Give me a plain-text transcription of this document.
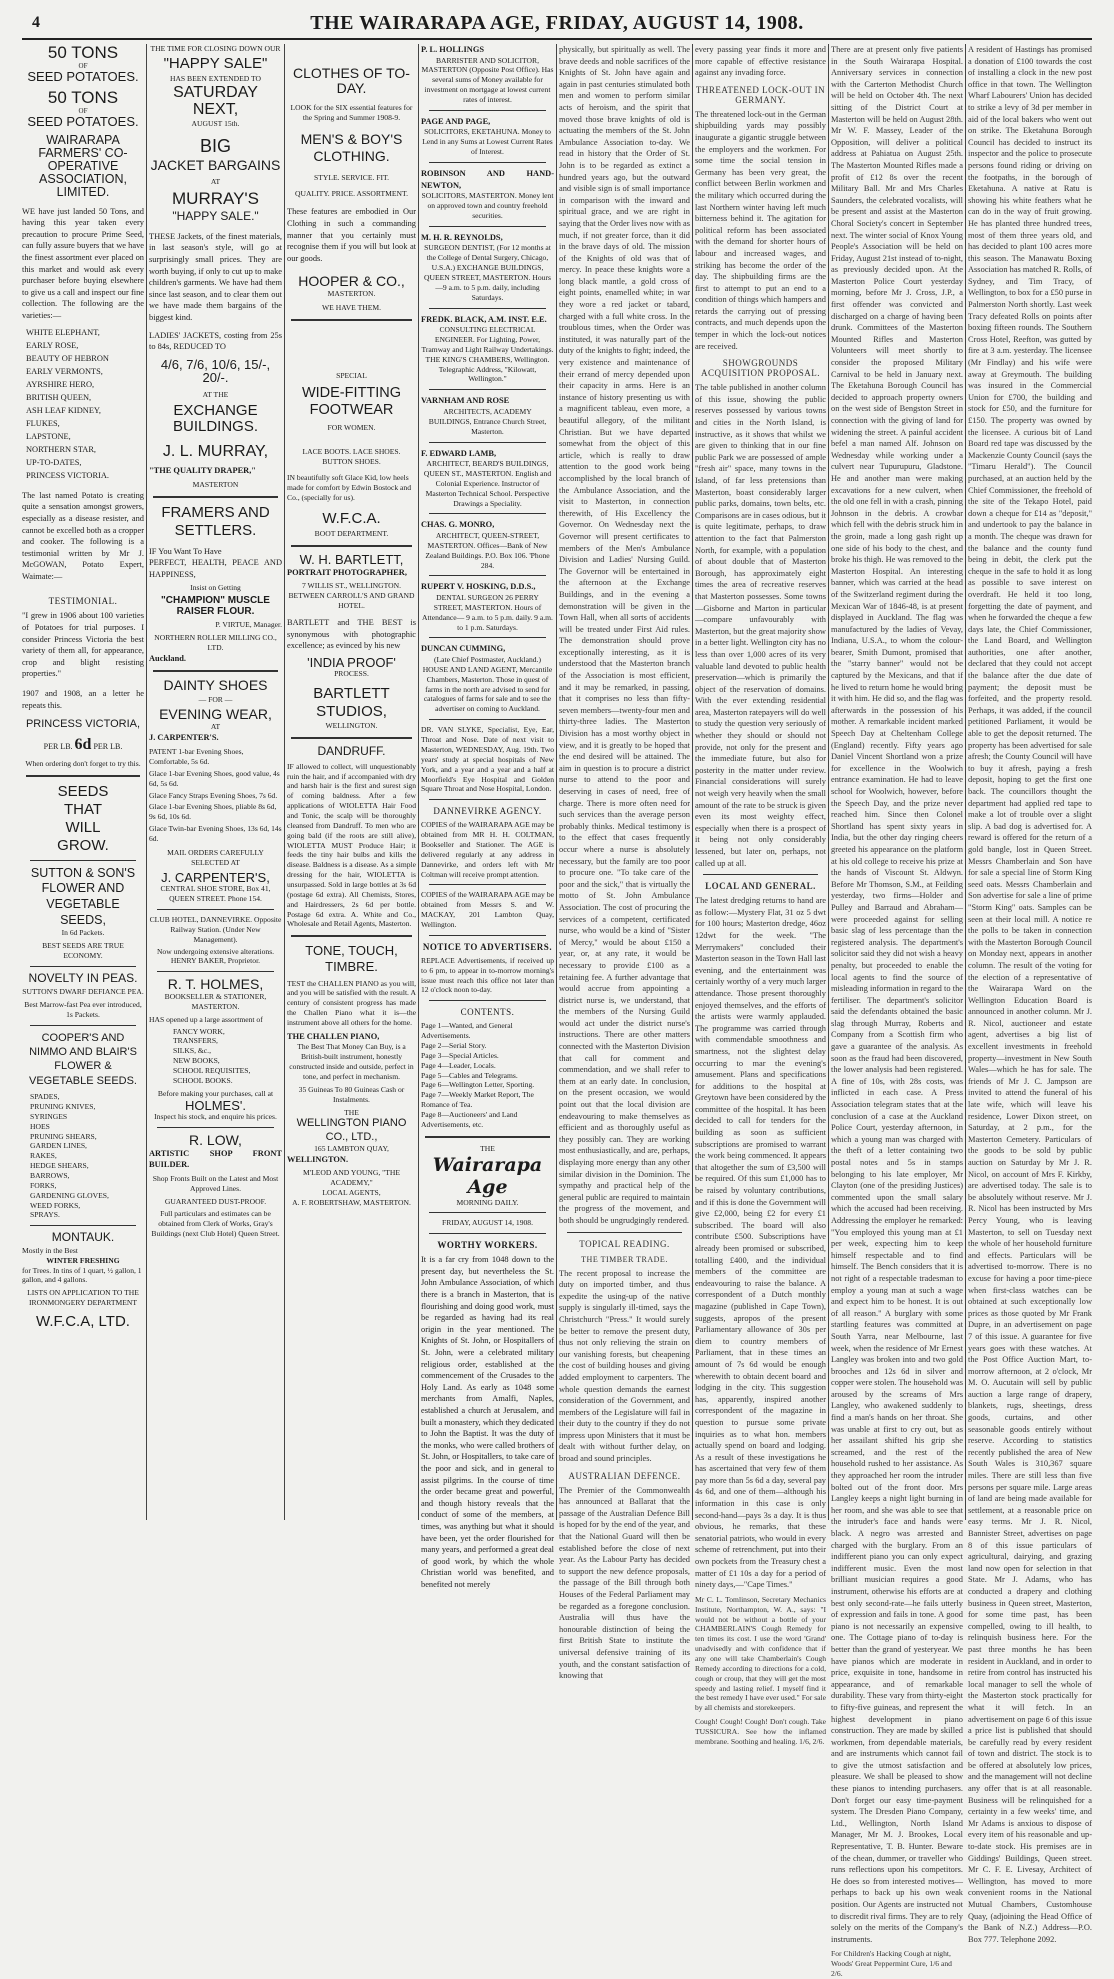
4	THE WAIRARAPA AGE, FRIDAY, AUGUST 14, 1908.

50 TONS

OF

SEED POTATOES.

50 TONS

OF

SEED POTATOES.

WAIRARAPA FARMERS' CO-OPERATIVE ASSOCIATION, LIMITED.

WE have just landed 50 Tons, and having this year taken every precaution to procure Prime Seed, can fully assure buyers that we have the finest assortment ever placed on this market and would ask every purchaser before buying elsewhere to give us a call and inspect our fine collection. The following are the varieties:—

WHITE ELEPHANT,

EARLY ROSE,

BEAUTY OF HEBRON

EARLY VERMONTS,

AYRSHIRE HERO,

BRITISH QUEEN,

ASH LEAF KIDNEY,

FLUKES,

LAPSTONE,

NORTHERN STAR,

UP-TO-DATES,

PRINCESS VICTORIA.

The last named Potato is creating quite a sensation amongst growers, especially as a disease resister, and cannot be excelled both as a cropper and cooker. The following is a testimonial written by Mr J. McGOWAN, Potato Expert, Waimate:—

TESTIMONIAL.

"I grew in 1906 about 100 varieties of Potatoes for trial purposes. I consider Princess Victoria the best variety of them all, for appearance, crop and blight resisting properties."

1907 and 1908, an a letter he repeats this.

PRINCESS VICTORIA,

PER LB. 6d PER LB.

When ordering don't forget to try this.

SEEDS

THAT

WILL

GROW.

SUTTON & SON'S FLOWER AND VEGETABLE SEEDS,

In 6d Packets.

BEST SEEDS ARE TRUE ECONOMY.

NOVELTY IN PEAS.

SUTTON'S DWARF DEFIANCE PEA.

Best Marrow-fast Pea ever introduced, 1s Packets.

COOPER'S AND NIMMO AND BLAIR'S FLOWER & VEGETABLE SEEDS.

SPADES,

PRUNING KNIVES,

SYRINGES

HOES

PRUNING SHEARS,

GARDEN LINES,

RAKES,

HEDGE SHEARS,

BARROWS,

FORKS,

GARDENING GLOVES,

WEED FORKS,

SPRAYS.

MONTAUK.

Mostly in the Best

WINTER FRESHING

for Trees. In tins of 1 quart, ½ gallon, 1 gallon, and 4 gallons.

LISTS ON APPLICATION TO THE IRONMONGERY DEPARTMENT

W.F.C.A, LTD.

THE TIME FOR CLOSING DOWN OUR

"HAPPY SALE"

HAS BEEN EXTENDED TO

SATURDAY NEXT,

AUGUST 15th.

BIG

JACKET BARGAINS

AT

MURRAY'S

"HAPPY SALE."

THESE Jackets, of the finest materials, in last season's style, will go at surprisingly small prices. They are worth buying, if only to cut up to make children's garments. We have had them since last season, and to clear them out we have made them bargains of the biggest kind.

LADIES' JACKETS, costing from 25s to 84s, REDUCED TO

4/6, 7/6, 10/6, 15/-, 20/-.

AT THE

EXCHANGE BUILDINGS.

J. L. MURRAY,

"THE QUALITY DRAPER,"

MASTERTON

FRAMERS AND SETTLERS.

IF You Want To Have

PERFECT, HEALTH, PEACE AND HAPPINESS,

Insist on Getting

"CHAMPION" MUSCLE RAISER FLOUR.

P. VIRTUE, Manager.

NORTHERN ROLLER MILLING CO., LTD.

Auckland.

DAINTY SHOES

— FOR —

EVENING WEAR,

AT

J. CARPENTER'S.

PATENT 1-bar Evening Shoes, Comfortable, 5s 6d.

Glace 1-bar Evening Shoes, good value, 4s 6d, 5s 6d.

Glace Fancy Straps Evening Shoes, 7s 6d.

Glace 1-bar Evening Shoes, pliable 8s 6d, 9s 6d, 10s 6d.

Glace Twin-bar Evening Shoes, 13s 6d, 14s 6d.

MAIL ORDERS CAREFULLY SELECTED AT

J. CARPENTER'S,

CENTRAL SHOE STORE, Box 41, QUEEN STREET. Phone 154.

CLUB HOTEL, DANNEVIRKE. Opposite Railway Station. (Under New Management).

Now undergoing extensive alterations. HENRY BAKER, Proprietor.

R. T. HOLMES,

BOOKSELLER & STATIONER, MASTERTON.

HAS opened up a large assortment of

FANCY WORK,

TRANSFERS,

SILKS, &c.,

NEW BOOKS,

SCHOOL REQUISITES,

SCHOOL BOOKS.

Before making your purchases, call at

HOLMES'.

Inspect his stock, and enquire his prices.

R. LOW,

ARTISTIC SHOP FRONT BUILDER.

Shop Fronts Built on the Latest and Most Approved Lines.

GUARANTEED DUST-PROOF.

Full particulars and estimates can be obtained from Clerk of Works, Gray's Buildings (next Club Hotel) Queen Street.

CLOTHES OF TO-DAY.

LOOK for the SIX essential features for the Spring and Summer 1908-9.

MEN'S & BOY'S CLOTHING.

STYLE. SERVICE. FIT.

QUALITY. PRICE. ASSORTMENT.

These features are embodied in Our Clothing in such a commanding manner that you certainly must recognise them if you will but look at our goods.

HOOPER & CO.,

MASTERTON.

WE HAVE THEM.

SPECIAL

WIDE-FITTING FOOTWEAR

FOR WOMEN.

LACE BOOTS. LACE SHOES. BUTTON SHOES.

IN beautifully soft Glace Kid, low heels made for comfort by Edwin Bostock and Co., (specially for us).

W.F.C.A.

BOOT DEPARTMENT.

W. H. BARTLETT,

PORTRAIT PHOTOGRAPHER,

7 WILLIS ST., WELLINGTON.

BETWEEN CARROLL'S AND GRAND HOTEL.

BARTLETT and THE BEST is synonymous with photographic excellence; as evinced by his new

'INDIA PROOF'

PROCESS.

BARTLETT STUDIOS,

WELLINGTON.

DANDRUFF.

IF allowed to collect, will unquestionably ruin the hair, and if accompanied with dry and harsh hair is the first and surest sign of coming baldness. After a few applications of WIOLETTA Hair Food and Tonic, the scalp will be thoroughly cleansed from Dandruff. To men who are going bald (if the roots are still alive), WIOLETTA MUST Produce Hair; it feeds the tiny hair bulbs and kills the disease. Baldness is a disease. As a simple dressing for the hair, WIOLETTA is unsurpassed. Sold in large bottles at 3s 6d (postage 6d extra). All Chemists, Stores, and Hairdressers, 2s 6d per bottle. Postage 6d extra. A. White and Co., Wholesale and Retail Agents, Masterton.

TONE, TOUCH, TIMBRE.

TEST the CHALLEN PIANO as you will, and you will be satisfied with the result. A century of consistent progress has made the Challen Piano what it is—the instrument above all others for the home.

THE CHALLEN PIANO,

The Best That Money Can Buy, is a British-built instrument, honestly constructed inside and outside, perfect in tone, and perfect in mechanism.

35 Guineas To 80 Guineas Cash or Instalments.

THE

WELLINGTON PIANO CO., LTD.,

165 LAMBTON QUAY,

WELLINGTON.

M'LEOD AND YOUNG, "THE ACADEMY,"

LOCAL AGENTS,

A. F. ROBERTSHAW, MASTERTON.

P. L. HOLLINGS

BARRISTER AND SOLICITOR, MASTERTON (Opposite Post Office). Has several sums of Money available for investment on mortgage at lowest current rates of interest.

PAGE AND PAGE,

SOLICITORS, EKETAHUNA. Money to Lend in any Sums at Lowest Current Rates of Interest.

ROBINSON AND HAND-NEWTON,

SOLICITORS, MASTERTON. Money lent on approved town and country freehold securities.

M. H. R. REYNOLDS,

SURGEON DENTIST, (For 12 months at the College of Dental Surgery, Chicago, U.S.A.) EXCHANGE BUILDINGS, QUEEN STREET, MASTERTON. Hours—9 a.m. to 5 p.m. daily, including Saturdays.

FREDK. BLACK, A.M. INST. E.E.

CONSULTING ELECTRICAL ENGINEER. For Lighting, Power, Tramway and Light Railway Undertakings. THE KING'S CHAMBERS, Wellington. Telegraphic Address, "Kilowatt, Wellington."

VARNHAM AND ROSE

ARCHITECTS, ACADEMY BUILDINGS, Entrance Church Street, Masterton.

F. EDWARD LAMB,

ARCHITECT, BEARD'S BUILDINGS, QUEEN ST., MASTERTON. English and Colonial Experience. Instructor of Masterton Technical School. Perspective Drawings a Speciality.

CHAS. G. MONRO,

ARCHITECT, QUEEN-STREET, MASTERTON. Offices—Bank of New Zealand Buildings. P.O. Box 106. 'Phone 284.

RUPERT V. HOSKING, D.D.S.,

DENTAL SURGEON 26 PERRY STREET, MASTERTON. Hours of Attendance— 9 a.m. to 5 p.m. daily. 9 a.m. to 1 p.m. Saturdays.

DUNCAN CUMMING,

(Late Chief Postmaster, Auckland.) HOUSE AND LAND AGENT, Mercantile Chambers, Masterton. Those in quest of farms in the north are advised to send for catalogues of farms for sale and to see the advertiser on coming to Auckland.

DR. VAN SLYKE, Specialist, Eye, Ear, Throat and Nose. Date of next visit to Masterton, WEDNESDAY, Aug. 19th. Two years' study at special hospitals of New York, and a year and a year and a half at Moorfield's Eye Hospital and Golden Square Throat and Nose Hospital, London.

DANNEVIRKE AGENCY.

COPIES of the WAIRARAPA AGE may be obtained from MR H. H. COLTMAN, Bookseller and Stationer. The AGE is delivered regularly at any address in Dannevirke, and orders left with Mr Coltman will receive prompt attention.

COPIES of the WAIRARAPA AGE may be obtained from Messrs S. and W. MACKAY, 201 Lambton Quay, Wellington.

NOTICE TO ADVERTISERS.

REPLACE Advertisements, if received up to 6 pm, to appear in to-morrow morning's issue must reach this office not later than 12 o'clock noon to-day.

CONTENTS.

Page 1—Wanted, and General Advertisements.

Page 2—Serial Story.

Page 3—Special Articles.

Page 4—Leader, Locals.

Page 5—Cables and Telegrams.

Page 6—Wellington Letter, Sporting.

Page 7—Weekly Market Report, The Romance of Tea.

Page 8—Auctioneers' and Land Advertisements, etc.

THE

Wairarapa Age

MORNING DAILY.

FRIDAY, AUGUST 14, 1908.

WORTHY WORKERS.

It is a far cry from 1048 down to the present day, but nevertheless the St. John Ambulance Association, of which there is a branch in Masterton, that is flourishing and doing good work, must be regarded as having had its real origin in the year mentioned. The Knights of St. John, or Hospitallers of St. John, were a celebrated military religious order, established at the commencement of the Crusades to the Holy Land. As early as 1048 some merchants from Amalfi, Naples, established a church at Jerusalem, and built a monastery, which they dedicated to John the Baptist. It was the duty of the monks, who were called brothers of St. John, or Hospitallers, to take care of the poor and sick, and in general to assist pilgrims. In the course of time the order became great and powerful, and though history reveals that the conduct of some of the members, at times, was anything but what it should have been, yet the order flourished for many years, and performed a great deal of good work, by which the whole Christian world was benefited, and benefited not merely

physically, but spiritually as well. The brave deeds and noble sacrifices of the Knights of St. John have again and again in past centuries stimulated both men and women to perform similar acts of heroism, and the spirit that moved those brave knights of old is actuating the members of the St. John Ambulance Association to-day. We read in history that the Order of St. John is to be regarded as extinct a hundred years ago, but the outward and visible sign is of small importance in comparison with the inward and spiritual grace, and we are right in saying that the Order lives now with as much, if not greater force, than it did in the brave days of old. The mission of the Knights of old was that of mercy. In peace these knights wore a long black mantle, a gold cross of eight points, enamelled white; in war they wore a red jacket or tabard, charged with a full white cross. In the troublous times, when the Order was instituted, it was naturally part of the duty of the knights to fight; indeed, the very existence and maintenance of their errand of mercy depended upon their capacity in arms. Here is an instance of history presenting us with a magnificent tableau, even more, a beautiful allegory, of the militant Christian. But we have departed somewhat from the object of this article, which is really to draw attention to the good work being accomplished by the local branch of the Ambulance Association, and the visit to Masterton, in connection therewith, of His Excellency the Governor. On Wednesday next the Governor will present certificates to members of the Men's Ambulance Division and Ladies' Nursing Guild. The Governor will be entertained in the afternoon at the Exchange Buildings, and in the evening a demonstration will be given in the Town Hall, when all sorts of accidents will be treated under First Aid rules. The demonstration should prove exceptionally interesting, as it is understood that the Masterton branch of the Association is most efficient, and it may be remarked, in passing, that it comprises no less than fifty-seven members—twenty-four men and thirty-three ladies. The Masterton Division has a most worthy object in view, and it is greatly to be hoped that the end desired will be attained. The aim in question is to procure a district nurse to attend to the poor and deserving in cases of need, free of charge. There is more often need for such services than the average person probably thinks. Medical testimony is to the effect that cases frequently occur where a nurse is absolutely necessary, but the family are too poor to procure one. "To take care of the poor and the sick," that is virtually the motto of St. John Ambulance Association. The cost of procuring the services of a competent, certificated nurse, who would be a kind of "Sister of Mercy," would be about £150 a year, or, at any rate, it would be necessary to provide £100 as a retaining fee. A further advantage that would accrue from appointing a district nurse is, we understand, that the members of the Nursing Guild would act under the district nurse's instructions. There are other matters connected with the Masterton Division that call for comment and commendation, and we shall refer to them at an early date. In conclusion, on the present occasion, we would point out that the local division are endeavouring to make themselves as efficient and as thoroughly useful as they possibly can. They are working most enthusiastically, and are, perhaps, displaying more energy than any other similar division in the Dominion. The sympathy and practical help of the general public are required to maintain the progress of the movement, and both should be ungrudgingly rendered.

TOPICAL READING.

THE TIMBER TRADE.

The recent proposal to increase the duty on imported timber, and thus expedite the using-up of the native supply is singularly ill-timed, says the Christchurch "Press." It would surely be better to remove the present duty, thus not only relieving the strain on our vanishing forests, but cheapening the cost of building houses and giving added employment to carpenters. The whole question demands the earnest consideration of the Government, and members of the Legislature will fail in their duty to the country if they do not impress upon Ministers that it must be dealt with without further delay, on broad and sound principles.

AUSTRALIAN DEFENCE.

The Premier of the Commonwealth has announced at Ballarat that the passage of the Australian Defence Bill is hoped for by the end of the year, and that the National Guard will then be established before the close of next year. As the Labour Party has decided to support the new defence proposals, the passage of the Bill through both Houses of the Federal Parliament may be regarded as a foregone conclusion. Australia will thus have the honourable distinction of being the first British State to institute the universal defensive training of its youth, and the constant satisfaction of knowing that

every passing year finds it more and more capable of effective resistance against any invading force.

THREATENED LOCK-OUT IN GERMANY.

The threatened lock-out in the German shipbuilding yards may possibly inaugurate a gigantic struggle between the employers and the workmen. For some time the social tension in Germany has been very great, the conflict between Berlin workmen and the military which occurred during the last Northern winter having left much bitterness behind it. The agitation for political reform has been associated with the demand for shorter hours of labour and increased wages, and striking has become the order of the day. The shipbuilding firms are the first to attempt to put an end to a condition of things which hampers and retards the carrying out of pressing contracts, and much depends upon the temper in which the lock-out notices are received.

SHOWGROUNDS ACQUISITION PROPOSAL.

The table published in another column of this issue, showing the public reserves possessed by various towns and cities in the North Island, is instructive, as it shows that whilst we are given to thinking that in our fine public Park we are possessed of ample "fresh air" space, many towns in the Island, of far less pretensions than Masterton, boast considerably larger public parks, domains, town belts, etc. Comparisons are in cases odious, but it is quite legitimate, perhaps, to draw attention to the fact that Palmerston North, for example, with a population of about double that of Masterton Borough, has approximately eight times the area of recreative reserves that Masterton possesses. Some towns—Gisborne and Marton in particular—compare unfavourably with Masterton, but the great majority show in a better light. Wellington city has no less than over 1,000 acres of its very valuable land devoted to public health preservation—which is primarily the object of the reservation of domains. With the ever extending residential area, Masterton ratepayers will do well to study the question very seriously of whether they should or should not provide, not only for the present and the immediate future, but also for posterity in the matter under review. Financial considerations will surely not weigh very heavily when the small amount of the rate to be struck is given even its most weighty effect, especially when there is a prospect of it being not only considerably lessened, but later on, perhaps, not called up at all.

LOCAL AND GENERAL.

The latest dredging returns to hand are as follow:—Mystery Flat, 31 oz 5 dwt for 100 hours; Masterton dredge, 46oz 12dwt for the week. "The Merrymakers" concluded their Masterton season in the Town Hall last evening, and the entertainment was certainly worthy of a very much larger attendance. Those present thoroughly enjoyed themselves, and the efforts of the artists were warmly applauded. The programme was carried through with commendable smoothness and smartness, not the slightest delay occurring to mar the evening's amusement. Plans and specifications for additions to the hospital at Greytown have been considered by the committee of the hospital. It has been decided to call for tenders for the building as soon as sufficient subscriptions are promised to warrant the work being commenced. It appears that altogether the sum of £3,500 will be required. Of this sum £1,000 has to be raised by voluntary contributions, and if this is done the Government will give £2,000, being £2 for every £1 subscribed. The board will also contribute £500. Subscriptions have already been promised or subscribed, totalling £400, and the individual members of the committee are endeavouring to raise the balance. A correspondent of a Dutch monthly magazine (published in Cape Town), suggests, apropos of the present Parliamentary allowance of 30s per diem to country members of Parliament, that in these times an amount of 7s 6d would be enough wherewith to obtain decent board and lodging in the city. This suggestion has, apparently, inspired another correspondent of the magazine in question to pursue some private inquiries as to what hon. members actually spend on board and lodging. As a result of these investigations he has ascertained that very few of them pay more than 5s 6d a day, several pay 4s 6d, and one of them—although his information in this case is only second-hand—pays 3s a day. It is thus obvious, he remarks, that these senatorial patriots, who would in every scheme of retrenchment, put into their own pockets from the Treasury chest a matter of £1 10s a day for a period of ninety days,—"Cape Times."

Mr C. L. Tomlinson, Secretary Mechanics Institute, Northampton, W. A., says: "I would not be without a bottle of your CHAMBERLAIN'S Cough Remedy for ten times its cost. I use the word 'Grand' unadvisedly and with confidence that if any one will take Chamberlain's Cough Remedy according to directions for a cold, cough or croup, that they will get the most speedy and lasting relief. I myself find it the best remedy I have ever used." For sale by all chemists and storekeepers.

Cough! Cough! Cough! Don't cough. Take TUSSICURA. See how the inflamed membrane. Soothing and healing. 1/6, 2/6.

There are at present only five patients in the South Wairarapa Hospital. Anniversary services in connection with the Carterton Methodist Church will be held on October 4th. The next sitting of the District Court at Masterton will be held on August 28th. Mr W. F. Massey, Leader of the Opposition, will deliver a political address at Pahiatua on August 25th. The Masterton Mounted Rifles made a profit of £12 8s over the recent Military Ball. Mr and Mrs Charles Saunders, the celebrated vocalists, will be present and assist at the Masterton Choral Society's concert in September next. The winter social of Knox Young People's Association will be held on Friday, August 21st instead of to-night, as previously decided upon. At the Masterton Police Court yesterday morning, before Mr J. Cross, J.P., a first offender was convicted and discharged on a charge of having been drunk. Committees of the Masterton Mounted Rifles and Masterton Volunteers will meet shortly to consider the proposed Military Carnival to be held in January next. The Eketahuna Borough Council has decided to approach property owners on the west side of Bengston Street in connection with the giving of land for widening the street. A painful accident befel a man named Alf. Johnson on Wednesday while working under a culvert near Tupurupuru, Gladstone. He and another man were making excavations for a new culvert, when the old one fell in with a crash, pinning Johnson in the debris. A crowbar which fell with the debris struck him in the groin, made a long gash right up one side of his body to the chest, and broke his thigh. He was removed to the Masterton Hospital. An interesting banner, which was carried at the head of the Switzerland regiment during the Mexican War of 1846-48, is at present displayed in Auckland. The flag was manufactured by the ladies of Vevay, Indiana, U.S.A., to whom the colour-bearer, Smith Dumont, promised that the "starry banner" would not be captured by the Mexicans, and that if he lived to return home he would bring it with him. He did so, and the flag was afterwards in the possession of his mother. A remarkable incident marked Speech Day at Cheltenham College (England) recently. Fifty years ago Daniel Vincent Shortland won a prize for excellence in the Woolwich entrance examination. He had to leave school for Woolwich, however, before the Speech Day, and the prize never reached him. Since then Colonel Shortland has spent sixty years in India, but the other day ringing cheers greeted his appearance on the platform at his old college to receive his prize at the hands of Viscount St. Aldwyn. Before Mr Thomson, S.M., at Feilding yesterday, two firms—Holder and Pulley and Barraud and Abraham—were proceeded against for selling basic slag of less percentage than the registered analysis. The department's solicitor said they did not wish a heavy penalty, but proceeded to enable the local agents to find the source of misleading information in regard to the fertiliser. The department's solicitor said the defendants obtained the basic slag through Murray, Roberts and Company from a Scottish firm who gave a guarantee of the analysis. As soon as the fraud had been discovered, the lower analysis had been registered. A fine of 10s, with 28s costs, was inflicted in each case. A Press Association telegram states that at the conclusion of a case at the Auckland Police Court, yesterday afternoon, in which a young man was charged with the theft of a letter containing two postal notes and 5s in stamps belonging to his late employer, Mr Clayton (one of the presiding Justices) commented upon the small salary which the accused had been receiving. Addressing the employer he remarked: "You employed this young man at £1 per week, expecting him to keep himself respectable and to find himself. The Bench considers that it is not right of a respectable tradesman to employ a young man at such a wage and expect him to be honest. It is out of all reason." A burglary with some startling features was committed at South Yarra, near Melbourne, last week, when the residence of Mr Ernest Langley was broken into and two gold brooches and 12s 6d in silver and copper were stolen. The household was aroused by the screams of Mrs Langley, who awakened suddenly to find a man's hands on her throat. She was unable at first to cry out, but as her assailant shifted his grip she screamed, and the rest of the household rushed to her assistance. As they approached her room the intruder bolted out of the front door. Mrs Langley keeps a night light burning in her room, and she was able to see that the intruder's face and hands were black. A negro was arrested and charged with the burglary. From an indifferent piano you can only expect indifferent music. Even the most brilliant musician requires a good instrument, otherwise his efforts are at best only second-rate—he fails utterly of expression and fails in tone. A good piano is not necessarily an expensive one. The Cottage piano of to-day is better than the grand of yesteryear. We have pianos which are moderate in price, exquisite in tone, handsome in appearance, and of remarkable durability. These vary from thirty-eight to fifty-five guineas, and represent the highest development in piano construction. They are made by skilled workmen, from dependable materials, and are instruments which cannot fail to give the utmost satisfaction and pleasure. We shall be pleased to show these pianos to intending purchasers. Don't forget our easy time-payment system. The Dresden Piano Company, Ltd., Wellington, North Island Manager, Mr M. J. Brookes, Local Representative, T. B. Hunter. Beware of the chean, dummer, or traveller who runs reflections upon his competitors. He does so from interested motives—perhaps to back up his own weak position. Our Agents are instructed not to discredit rival firms. They are to rely solely on the merits of the Company's instruments.

For Children's Hacking Cough at night, Woods' Great Peppermint Cure, 1/6 and 2/6.

A resident of Hastings has promised a donation of £100 towards the cost of installing a clock in the new post office in that town. The Wellington Wharf Labourers' Union has decided to strike a levy of 3d per member in aid of the local bakers who went out on strike. The Eketahuna Borough Council has decided to instruct its inspector and the police to prosecute persons found riding or driving on the footpaths, in the borough of Eketahuna. A native at Ratu is showing his white feathers what he can do in the way of fruit growing. He has planted three hundred trees, most of them three years old, and has decided to plant 100 acres more this season. The Manawatu Boxing Association has matched R. Rolls, of Sydney, and Tim Tracy, of Wellington, to box for a £50 purse in Palmerston North shortly. Last week Tracy defeated Rolls on points after boxing fifteen rounds. The Southern Cross Hotel, Reefton, was gutted by fire at 3 a.m. yesterday. The licensee (Mr Findlay) and his wife were away at Greymouth. The building was insured in the Commercial Union for £700, the building and stock for £50, and the furniture for £150. The property was owned by the licensee. A curious bit of Land Board red tape was discussed by the Mackenzie County Council (says the "Timaru Herald"). The Council purchased, at an auction held by the Chief Commissioner, the freehold of the site of the Tekapo Hotel, paid down a cheque for £14 as "deposit," and undertook to pay the balance in a month. The cheque was drawn for the balance and the county fund being in debit, the clerk put the cheque in the safe to hold it as long as possible to save interest on overdraft. He held it too long, forgetting the date of payment, and when he forwarded the cheque a few days late, the Chief Commissioner, the Land Board, and Wellington authorities, one after another, declared that they could not accept the balance after the due date of payment; the deposit must be forfeited, and the property resold. Perhaps, it was added, if the council petitioned Parliament, it would be able to get the deposit returned. The property has been advertised for sale afresh; the County Council will have to buy it afresh, paying a fresh deposit, hoping to get the first one back. The councillors thought the department had applied red tape to make a lot of trouble over a slight slip. A bad dog is advertised for. A reward is offered for the return of a gold bangle, lost in Queen Street. Messrs Chamberlain and Son have for sale a special line of Storm King seed oats. Messrs Chamberlain and Son advertise for sale a line of prime "Storm King" oats. Samples can be seen at their local mill. A notice re the polls to be taken in connection with the Masterton Borough Council on Monday next, appears in another column. The result of the voting for the election of a representative of the Wairarapa Ward on the Wellington Education Board is announced in another column. Mr J. R. Nicol, auctioneer and estate agent, advertises a big list of excellent investments in freehold property—investment in New South Wales—which he has for sale. The friends of Mr J. C. Jampson are invited to attend the funeral of his late wife, which will leave his residence, Lower Dixon street, on Saturday, at 2 p.m., for the Masterton Cemetery. Particulars of the goods to be sold by public auction on Saturday by Mr J. R. Nicol, on account of Mrs F. Kirkby, are advertised today. The sale is to be absolutely without reserve. Mr J. R. Nicol has been instructed by Mrs Percy Young, who is leaving Masterton, to sell on Tuesday next the whole of her household furniture and effects. Particulars will be advertised to-morrow. There is no excuse for having a poor time-piece when first-class watches can be obtained at such exceptionally low prices as those quoted by Mr Frank Dupre, in an advertisement on page 7 of this issue. A guarantee for five years goes with these watches. At the Post Office Auction Mart, to-morrow afternoon, at 2 o'clock, Mr M. O. Aucutain will sell by public auction a large range of drapery, blankets, rugs, sheetings, dress goods, curtains, and other seasonable goods entirely without reserve. According to statistics recently published the area of New South Wales is 310,367 square miles. There are still less than five persons per square mile. Large areas of land are being made available for settlement, at a reasonable price on easy terms. Mr J. R. Nicol, Bannister Street, advertises on page 8 of this issue particulars of agricultural, dairying, and grazing land now open for selection in that State. Mr J. Adams, who has conducted a drapery and clothing business in Queen street, Masterton, for some time past, has been compelled, owing to ill health, to relinquish business here. For the past three months he has been resident in Auckland, and in order to retire from control has instructed his local manager to sell the whole of the Masterton stock practically for what it will fetch. In an advertisement on page 6 of this issue a price list is published that should be carefully read by every resident of town and district. The stock is to be offered at absolutely low prices, and the management will not decline any offer that is at all reasonable. Business will be relinquished for a certainty in a few weeks' time, and Mr Adams is anxious to dispose of every item of his reasonable and up-to-date stock. His premises are in Giddings' Buildings, Queen street. Mr C. F. E. Livesay, Architect of Wellington, has moved to more convenient rooms in the National Mutual Chambers, Customhouse Quay, (adjoining the Head Office of the Bank of N.Z.) Address—P.O. Box 777. Telephone 2092.
